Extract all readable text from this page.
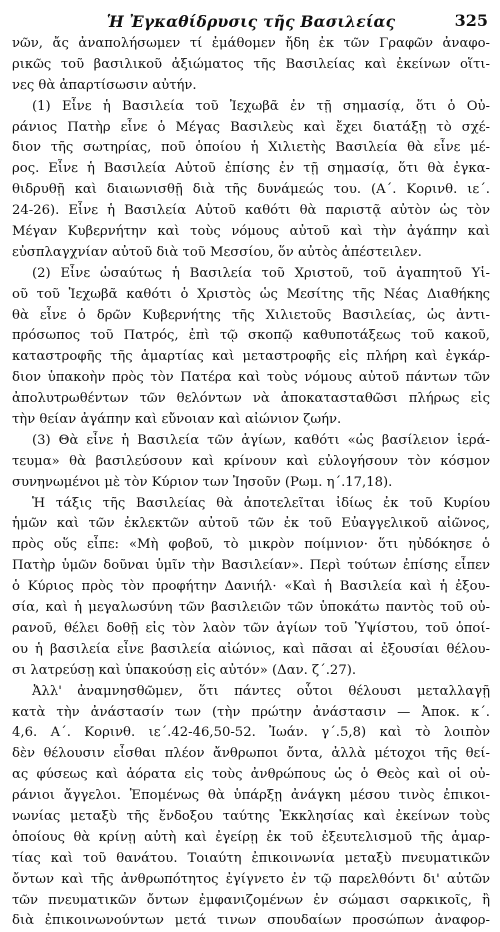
Ἡ Ἐγκαθίδρυσις τῆς Βασιλείας	325
νῶν, ἄς ἀναπολήσωμεν τί ἐμάθομεν ἤδη ἐκ τῶν Γραφῶν ἀναφο-
ρικῶς τοῦ βασιλικοῦ ἀξιώματος τῆς Βασιλείας καὶ ἐκείνων οἵτι-
νες θὰ ἀπαρτίσωσιν αὐτήν.
(1) Εἶνε ἡ Βασιλεία τοῦ Ἰεχωβᾶ ἐν τῇ σημασίᾳ, ὅτι ὁ Οὐ-
ράνιος Πατὴρ εἶνε ὁ Μέγας Βασιλεὺς καὶ ἔχει διατάξῃ τὸ σχέ-
διον τῆς σωτηρίας, ποῦ ὁποίου ἡ Χιλιετὴς Βασιλεία θὰ εἶνε μέ-
ρος. Εἶνε ἡ Βασιλεία Αὐτοῦ ἐπίσης ἐν τῇ σημασίᾳ, ὅτι θὰ ἐγκα-
θιδρυθῇ καὶ διαιωνισθῇ διὰ τῆς δυνάμεώς του. (Α΄. Κορινθ. ιε΄.
24-26). Εἶνε ἡ Βασιλεία Αὐτοῦ καθότι θὰ παριστᾷ αὐτὸν ὡς τὸν
Μέγαν Κυβερνήτην καὶ τοὺς νόμους αὐτοῦ καὶ τὴν ἀγάπην καὶ
εὐσπλαγχνίαν αὐτοῦ διὰ τοῦ Μεσσίου, ὅν αὐτὸς ἀπέστειλεν.
(2) Εἶνε ὡσαύτως ἡ Βασιλεία τοῦ Χριστοῦ, τοῦ ἀγαπητοῦ Υἱ-
οῦ τοῦ Ἰεχωβᾶ καθότι ὁ Χριστὸς ὡς Μεσίτης τῆς Νέας Διαθήκης
θὰ εἶνε ὁ δρῶν Κυβερνήτης τῆς Χιλιετοῦς Βασιλείας, ὡς ἀντι-
πρόσωπος τοῦ Πατρός, ἐπὶ τῷ σκοπῷ καθυποτάξεως τοῦ κακοῦ,
καταστροφῆς τῆς ἁμαρτίας καὶ μεταστροφῆς εἰς πλήρη καὶ ἐγκάρ-
διον ὑπακοὴν πρὸς τὸν Πατέρα καὶ τοὺς νόμους αὐτοῦ πάντων τῶν
ἀπολυτρωθέντων τῶν θελόντων νὰ ἀποκατασταθῶσι πλήρως εἰς
τὴν θείαν ἀγάπην καὶ εὔνοιαν καὶ αἰώνιον ζωήν.
(3) Θὰ εἶνε ἡ Βασιλεία τῶν ἁγίων, καθότι «ὡς βασίλειον ἱερά-
τευμα» θὰ βασιλεύσουν καὶ κρίνουν καὶ εὐλογήσουν τὸν κόσμον
συνηνωμένοι μὲ τὸν Κύριον των Ἰησοῦν (Ρωμ. η΄.17,18).
Ἡ τάξις τῆς Βασιλείας θὰ ἀποτελεῖται ἰδίως ἐκ τοῦ Κυρίου
ἡμῶν καὶ τῶν ἐκλεκτῶν αὐτοῦ τῶν ἐκ τοῦ Εὐαγγελικοῦ αἰῶνος,
πρὸς οὕς εἶπε: «Μὴ φοβοῦ, τὸ μικρὸν ποίμνιον· ὅτι ηὐδόκησε ὁ
Πατὴρ ὑμῶν δοῦναι ὑμῖν τὴν Βασιλείαν». Περὶ τούτων ἐπίσης εἶπεν
ὁ Κύριος πρὸς τὸν προφήτην Δανιήλ· «Καὶ ἡ Βασιλεία καὶ ἡ ἐξου-
σία, καὶ ἡ μεγαλωσύνη τῶν βασιλειῶν τῶν ὑποκάτω παντὸς τοῦ οὐ-
ρανοῦ, θέλει δοθῇ εἰς τὸν λαὸν τῶν ἁγίων τοῦ Ὑψίστου, τοῦ ὁποί-
ου ἡ βασιλεία εἶνε βασιλεία αἰώνιος, καὶ πᾶσαι αἱ ἐξουσίαι θέλου-
σι λατρεύσῃ καὶ ὑπακούσῃ εἰς αὐτόν» (Δαν. ζ΄.27).
Ἀλλ' ἀναμνησθῶμεν, ὅτι πάντες οὗτοι θέλουσι μεταλλαγῇ
κατὰ τὴν ἀνάστασίν των (τὴν πρώτην ἀνάστασιν — Ἀποκ. κ΄.
4,6. Α΄. Κορινθ. ιε΄.42-46,50-52. Ἰωάν. γ΄.5,8) καὶ τὸ λοιπὸν
δὲν θέλουσιν εἶσθαι πλέον ἄνθρωποι ὄντα, ἀλλὰ μέτοχοι τῆς θεί-
ας φύσεως καὶ ἀόρατα εἰς τοὺς ἀνθρώπους ὡς ὁ Θεὸς καὶ οἱ οὐ-
ράνιοι ἄγγελοι. Ἐπομένως θὰ ὑπάρξῃ ἀνάγκη μέσου τινὸς ἐπικοι-
νωνίας μεταξὺ τῆς ἔνδοξου ταύτης Ἐκκλησίας καὶ ἐκείνων τοὺς
ὁποίους θὰ κρίνῃ αὐτὴ καὶ ἐγείρῃ ἐκ τοῦ ἐξευτελισμοῦ τῆς ἁμαρ-
τίας καὶ τοῦ θανάτου. Τοιαύτη ἐπικοινωνία μεταξὺ πνευματικῶν
ὄντων καὶ τῆς ἀνθρωπότητος ἐγίγνετο ἐν τῷ παρελθόντι δι' αὐτῶν
τῶν πνευματικῶν ὄντων ἐμφανιζομένων ἐν σώμασι σαρκικοῖς, ἢ
διὰ ἐπικοινωνούντων μετά τινων σπουδαίων προσώπων ἀναφορ-
